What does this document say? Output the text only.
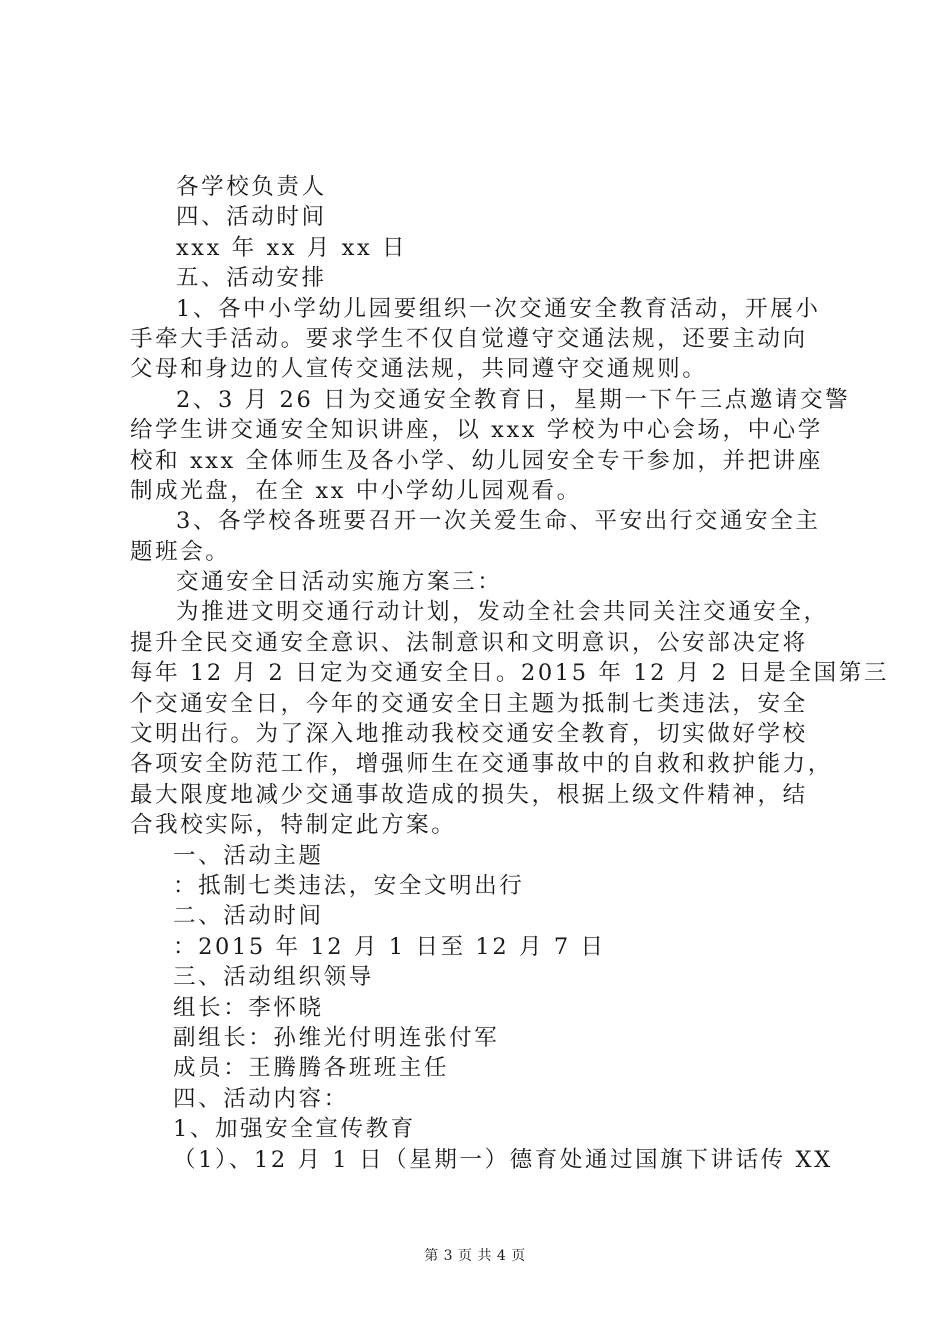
各学校负责人
四、活动时间
xxx 年 xx 月 xx 日
五、活动安排
1、各中小学幼儿园要组织一次交通安全教育活动，开展小
手牵大手活动。要求学生不仅自觉遵守交通法规，还要主动向
父母和身边的人宣传交通法规，共同遵守交通规则。
2、3 月 26 日为交通安全教育日，星期一下午三点邀请交警
给学生讲交通安全知识讲座，以 xxx 学校为中心会场，中心学
校和 xxx 全体师生及各小学、幼儿园安全专干参加，并把讲座
制成光盘，在全 xx 中小学幼儿园观看。
3、各学校各班要召开一次关爱生命、平安出行交通安全主
题班会。
交通安全日活动实施方案三：
为推进文明交通行动计划，发动全社会共同关注交通安全，
提升全民交通安全意识、法制意识和文明意识，公安部决定将
每年 12 月 2 日定为交通安全日。2015 年 12 月 2 日是全国第三
个交通安全日，今年的交通安全日主题为抵制七类违法，安全
文明出行。为了深入地推动我校交通安全教育，切实做好学校
各项安全防范工作，增强师生在交通事故中的自救和救护能力，
最大限度地减少交通事故造成的损失，根据上级文件精神，结
合我校实际，特制定此方案。
一、活动主题
：抵制七类违法，安全文明出行
二、活动时间
：2015 年 12 月 1 日至 12 月 7 日
三、活动组织领导
组长：李怀晓
副组长：孙维光付明连张付军
成员：王腾腾各班班主任
四、活动内容：
1、加强安全宣传教育
（1）、12 月 1 日（星期一）德育处通过国旗下讲话传 XX
第 3 页 共 4 页
